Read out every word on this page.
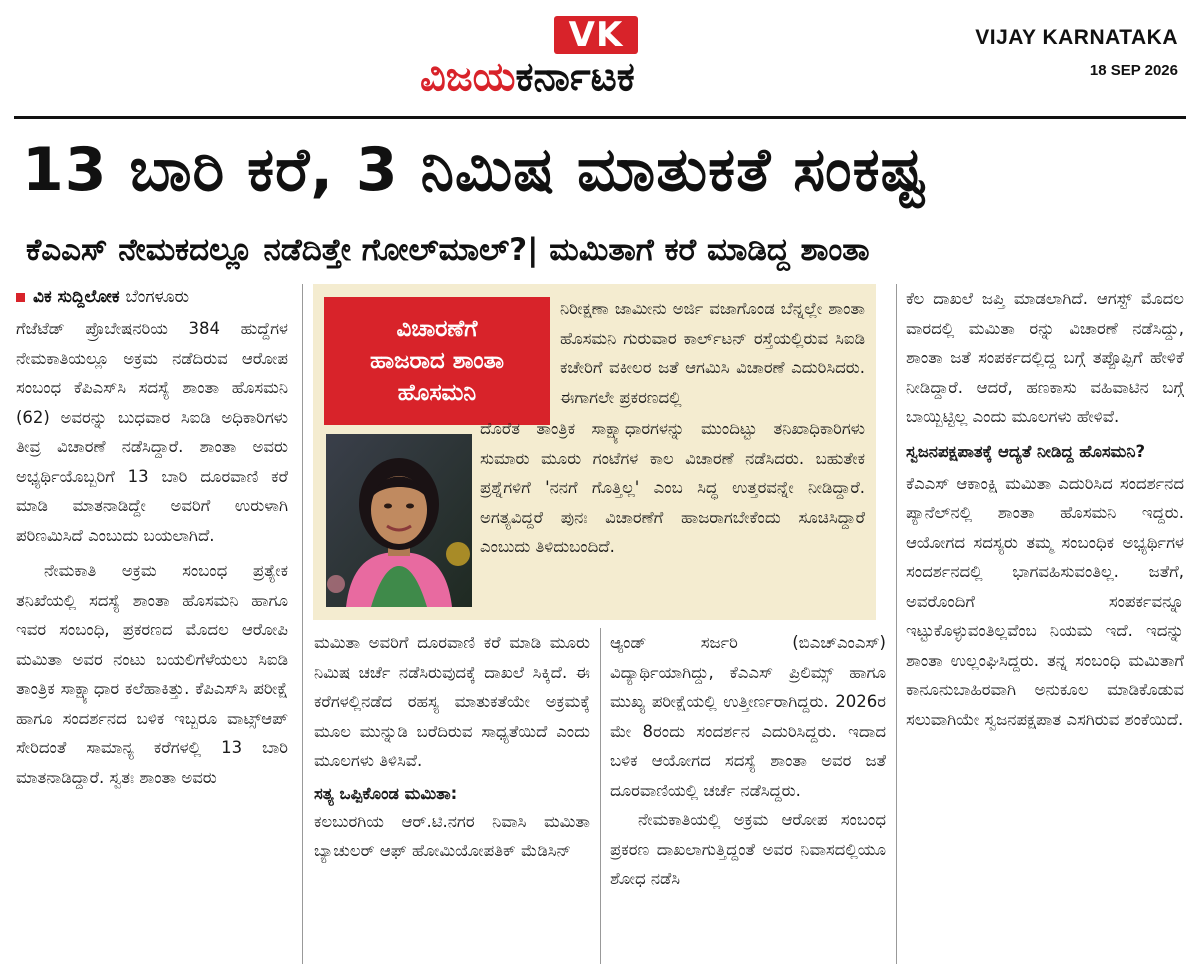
VK
ವಿಜಯಕರ್ನಾಟಕ
VIJAY KARNATAKA
18 SEP 2026
13 ಬಾರಿ ಕರೆ, 3 ನಿಮಿಷ ಮಾತುಕತೆ ಸಂಕಷ್ಟ
ಕೆಎಎಸ್ ನೇಮಕದಲ್ಲೂ ನಡೆದಿತ್ತೇ ಗೋಲ್‌ಮಾಲ್?| ಮಮಿತಾಗೆ ಕರೆ ಮಾಡಿದ್ದ ಶಾಂತಾ
ವಿಕ ಸುದ್ದಿಲೋಕ ಬೆಂಗಳೂರು

ಗೆಜೆಟೆಡ್ ಪ್ರೊಬೇಷನರಿಯ 384 ಹುದ್ದೆಗಳ ನೇಮಕಾತಿಯಲ್ಲೂ ಅಕ್ರಮ ನಡೆದಿರುವ ಆರೋಪ ಸಂಬಂಧ ಕೆಪಿಎಸ್‌ಸಿ ಸದಸ್ಯೆ ಶಾಂತಾ ಹೊಸಮನಿ (62) ಅವರನ್ನು ಬುಧವಾರ ಸಿಐಡಿ ಅಧಿಕಾರಿಗಳು ತೀವ್ರ ವಿಚಾರಣೆ ನಡೆಸಿದ್ದಾರೆ. ಶಾಂತಾ ಅವರು ಅಭ್ಯರ್ಥಿಯೊಬ್ಬರಿಗೆ 13 ಬಾರಿ ದೂರವಾಣಿ ಕರೆ ಮಾಡಿ ಮಾತನಾಡಿದ್ದೇ ಅವರಿಗೆ ಉರುಳಾಗಿ ಪರಿಣಮಿಸಿದೆ ಎಂಬುದು ಬಯಲಾಗಿದೆ.

ನೇಮಕಾತಿ ಅಕ್ರಮ ಸಂಬಂಧ ಪ್ರತ್ಯೇಕ ತನಿಖೆಯಲ್ಲಿ ಸದಸ್ಯೆ ಶಾಂತಾ ಹೊಸಮನಿ ಹಾಗೂ ಇವರ ಸಂಬಂಧಿ, ಪ್ರಕರಣದ ಮೊದಲ ಆರೋಪಿ ಮಮಿತಾ ಅವರ ನಂಟು ಬಯಲಿಗೆಳೆಯಲು ಸಿಐಡಿ ತಾಂತ್ರಿಕ ಸಾಕ್ಷ್ಯಾಧಾರ ಕಲೆಹಾಕಿತ್ತು. ಕೆಪಿಎಸ್‌ಸಿ ಪರೀಕ್ಷೆ ಹಾಗೂ ಸಂದರ್ಶನದ ಬಳಿಕ ಇಬ್ಬರೂ ವಾಟ್ಸ್‌ಆಪ್ ಸೇರಿದಂತೆ ಸಾಮಾನ್ಯ ಕರೆಗಳಲ್ಲಿ 13 ಬಾರಿ ಮಾತನಾಡಿದ್ದಾರೆ. ಸ್ವತಃ ಶಾಂತಾ ಅವರು

ವಿಚಾರಣೆಗೆ
ಹಾಜರಾದ ಶಾಂತಾ
ಹೊಸಮನಿ
ನಿರೀಕ್ಷಣಾ ಜಾಮೀನು ಅರ್ಜಿ ವಜಾಗೊಂಡ ಬೆನ್ನಲ್ಲೇ ಶಾಂತಾ ಹೊಸಮನಿ ಗುರುವಾರ ಕಾರ್ಲ್‌ಟನ್ ರಸ್ತೆಯಲ್ಲಿರುವ ಸಿಐಡಿ ಕಚೇರಿಗೆ ವಕೀಲರ ಜತೆ ಆಗಮಿಸಿ ವಿಚಾರಣೆ ಎದುರಿಸಿದರು. ಈಗಾಗಲೇ ಪ್ರಕರಣದಲ್ಲಿ
ದೊರೆತ ತಾಂತ್ರಿಕ ಸಾಕ್ಷ್ಯಾಧಾರಗಳನ್ನು ಮುಂದಿಟ್ಟು ತನಿಖಾಧಿಕಾರಿಗಳು ಸುಮಾರು ಮೂರು ಗಂಟೆಗಳ ಕಾಲ ವಿಚಾರಣೆ ನಡೆಸಿದರು. ಬಹುತೇಕ ಪ್ರಶ್ನೆಗಳಿಗೆ 'ನನಗೆ ಗೊತ್ತಿಲ್ಲ' ಎಂಬ ಸಿದ್ಧ ಉತ್ತರವನ್ನೇ ನೀಡಿದ್ದಾರೆ. ಅಗತ್ಯವಿದ್ದರೆ ಪುನಃ ವಿಚಾರಣೆಗೆ ಹಾಜರಾಗಬೇಕೆಂದು ಸೂಚಿಸಿದ್ದಾರೆ ಎಂಬುದು ತಿಳಿದುಬಂದಿದೆ.

ಮಮಿತಾ ಅವರಿಗೆ ದೂರವಾಣಿ ಕರೆ ಮಾಡಿ ಮೂರು ನಿಮಿಷ ಚರ್ಚೆ ನಡೆಸಿರುವುದಕ್ಕೆ ದಾಖಲೆ ಸಿಕ್ಕಿದೆ. ಈ ಕರೆಗಳಲ್ಲಿನಡೆದ ರಹಸ್ಯ ಮಾತುಕತೆಯೇ ಅಕ್ರಮಕ್ಕೆ ಮೂಲ ಮುನ್ನುಡಿ ಬರೆದಿರುವ ಸಾಧ್ಯತೆಯಿದೆ ಎಂದು ಮೂಲಗಳು ತಿಳಿಸಿವೆ.

ಸತ್ಯ ಒಪ್ಪಿಕೊಂಡ ಮಮಿತಾ:

ಕಲಬುರಗಿಯ ಆರ್.ಟಿ.ನಗರ ನಿವಾಸಿ ಮಮಿತಾ ಬ್ಯಾಚುಲರ್ ಆಫ್ ಹೋಮಿಯೋಪತಿಕ್ ಮೆಡಿಸಿನ್

ಆ್ಯಂಡ್ ಸರ್ಜರಿ (ಬಿಎಚ್‌ಎಂಎಸ್) ವಿದ್ಯಾರ್ಥಿಯಾಗಿದ್ದು, ಕೆಎಎಸ್ ಪ್ರಿಲಿಮ್ಸ್ ಹಾಗೂ ಮುಖ್ಯ ಪರೀಕ್ಷೆಯಲ್ಲಿ ಉತ್ತೀರ್ಣರಾಗಿದ್ದರು. 2026ರ ಮೇ 8ರಂದು ಸಂದರ್ಶನ ಎದುರಿಸಿದ್ದರು. ಇದಾದ ಬಳಿಕ ಆಯೋಗದ ಸದಸ್ಯೆ ಶಾಂತಾ ಅವರ ಜತೆ ದೂರವಾಣಿಯಲ್ಲಿ ಚರ್ಚೆ ನಡೆಸಿದ್ದರು.

ನೇಮಕಾತಿಯಲ್ಲಿ ಅಕ್ರಮ ಆರೋಪ ಸಂಬಂಧ ಪ್ರಕರಣ ದಾಖಲಾಗುತ್ತಿದ್ದಂತೆ ಅವರ ನಿವಾಸದಲ್ಲಿಯೂ ಶೋಧ ನಡೆಸಿ

ಕೆಲ ದಾಖಲೆ ಜಪ್ತಿ ಮಾಡಲಾಗಿದೆ. ಆಗಸ್ಟ್ ಮೊದಲ ವಾರದಲ್ಲಿ ಮಮಿತಾ ರನ್ನು ವಿಚಾರಣೆ ನಡೆಸಿದ್ದು, ಶಾಂತಾ ಜತೆ ಸಂಪರ್ಕದಲ್ಲಿದ್ದ ಬಗ್ಗೆ ತಪ್ಪೊಪ್ಪಿಗೆ ಹೇಳಿಕೆ ನೀಡಿದ್ದಾರೆ. ಆದರೆ, ಹಣಕಾಸು ವಹಿವಾಟಿನ ಬಗ್ಗೆ ಬಾಯ್ಬಿಟ್ಟಿಲ್ಲ ಎಂದು ಮೂಲಗಳು ಹೇಳಿವೆ.

ಸ್ವಜನಪಕ್ಷಪಾತಕ್ಕೆ ಆದ್ಯತೆ ನೀಡಿದ್ದ ಹೊಸಮನಿ?

ಕೆಎಎಸ್ ಆಕಾಂಕ್ಷಿ ಮಮಿತಾ ಎದುರಿಸಿದ ಸಂದರ್ಶನದ ಪ್ಯಾನೆಲ್‌ನಲ್ಲಿ ಶಾಂತಾ ಹೊಸಮನಿ ಇದ್ದರು. ಆಯೋಗದ ಸದಸ್ಯರು ತಮ್ಮ ಸಂಬಂಧಿಕ ಅಭ್ಯರ್ಥಿಗಳ ಸಂದರ್ಶನದಲ್ಲಿ ಭಾಗವಹಿಸುವಂತಿಲ್ಲ. ಜತೆಗೆ, ಅವರೊಂದಿಗೆ ಸಂಪರ್ಕವನ್ನೂ ಇಟ್ಟುಕೊಳ್ಳುವಂತಿಲ್ಲವೆಂಬ ನಿಯಮ ಇದೆ. ಇದನ್ನು ಶಾಂತಾ ಉಲ್ಲಂಘಿಸಿದ್ದರು. ತನ್ನ ಸಂಬಂಧಿ ಮಮಿತಾಗೆ ಕಾನೂನುಬಾಹಿರವಾಗಿ ಅನುಕೂಲ ಮಾಡಿಕೊಡುವ ಸಲುವಾಗಿಯೇ ಸ್ವಜನಪಕ್ಷಪಾತ ಎಸಗಿರುವ ಶಂಕೆಯಿದೆ.
